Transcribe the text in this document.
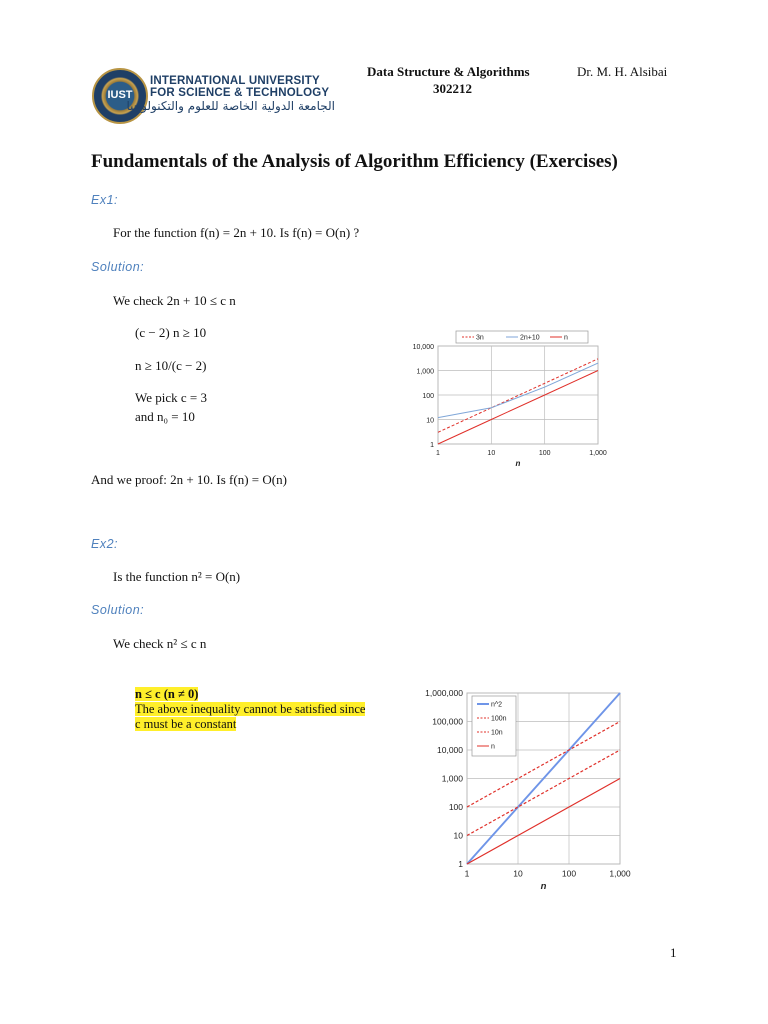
IUST
INTERNATIONAL UNIVERSITY
FOR SCIENCE & TECHNOLOGY
الجامعة الدولية الخاصة للعلوم والتكنولوجيا
Data Structure & Algorithms
302212
Dr. M. H. Alsibai
Fundamentals of the Analysis of Algorithm Efficiency (Exercises)
Ex1:
For the function f(n) = 2n + 10. Is f(n) = O(n) ?
Solution:
We check 2n + 10 ≤ c n
(c − 2) n ≥ 10
n ≥ 10/(c − 2)
We pick c = 3
and n₀ = 10
And we proof: 2n + 10. Is f(n) = O(n)
1
10
100
1,000
10,000
1	10	100	1,000
n
3n	2n+10	n
Ex2:
Is the function n² = O(n)
Solution:
We check n² ≤ c n
n ≤ c (n ≠ 0)
The above inequality cannot be satisfied since
c must be a constant
1
10
100
1,000
10,000
100,000
1,000,000
1	10	100	1,000
n
n^2
100n
10n
n
1
